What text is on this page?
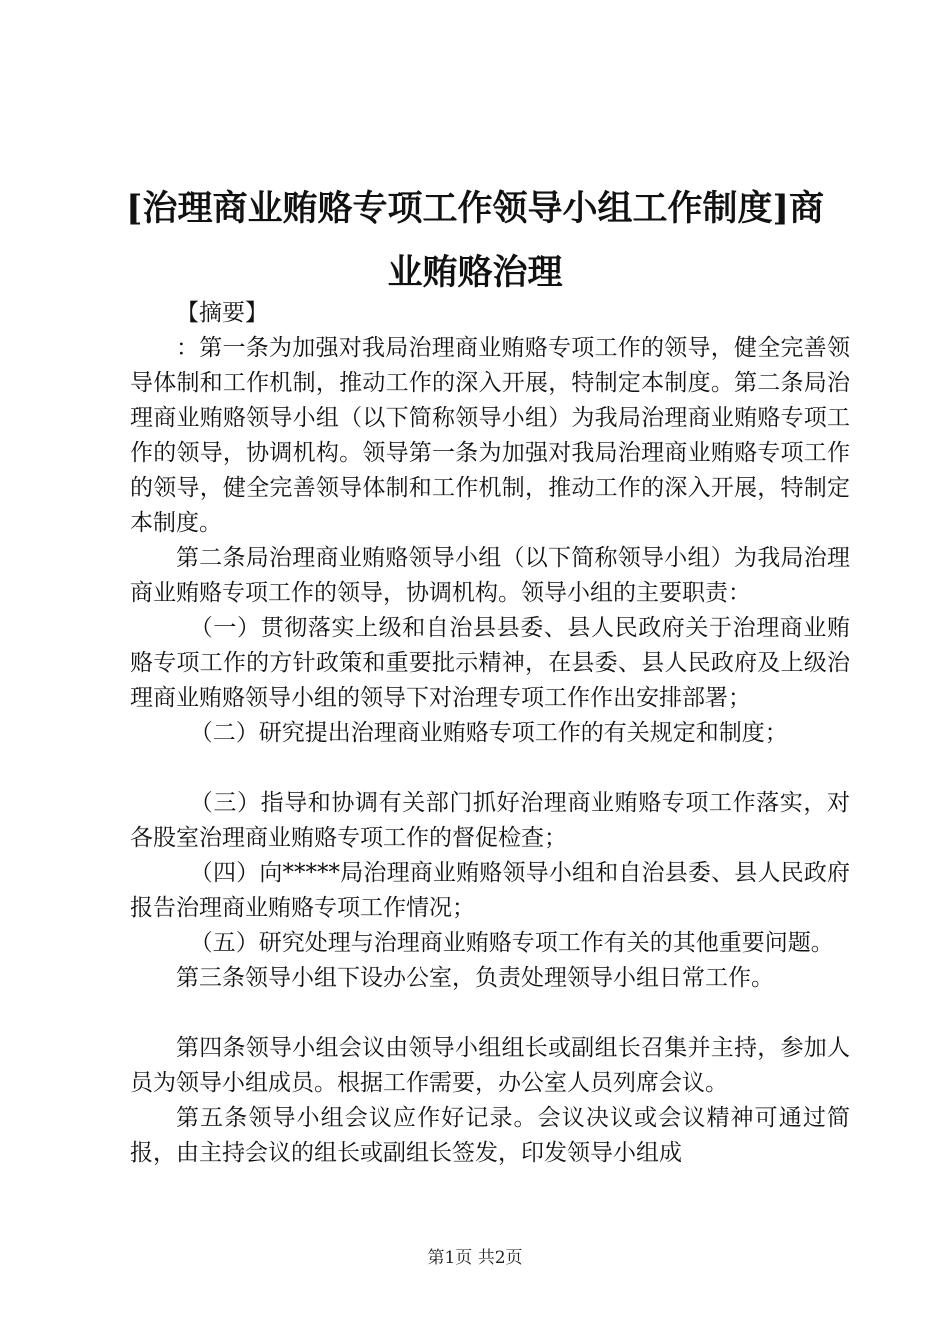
[治理商业贿赂专项工作领导小组工作制度]商业贿赂治理

【摘要】

：第一条为加强对我局治理商业贿赂专项工作的领导，健全完善领导体制和工作机制，推动工作的深入开展，特制定本制度。第二条局治理商业贿赂领导小组（以下简称领导小组）为我局治理商业贿赂专项工作的领导，协调机构。领导第一条为加强对我局治理商业贿赂专项工作的领导，健全完善领导体制和工作机制，推动工作的深入开展，特制定本制度。

第二条局治理商业贿赂领导小组（以下简称领导小组）为我局治理商业贿赂专项工作的领导，协调机构。领导小组的主要职责：

（一）贯彻落实上级和自治县县委、县人民政府关于治理商业贿赂专项工作的方针政策和重要批示精神，在县委、县人民政府及上级治理商业贿赂领导小组的领导下对治理专项工作作出安排部署；

（二）研究提出治理商业贿赂专项工作的有关规定和制度；

（三）指导和协调有关部门抓好治理商业贿赂专项工作落实，对各股室治理商业贿赂专项工作的督促检查；

（四）向*****局治理商业贿赂领导小组和自治县委、县人民政府报告治理商业贿赂专项工作情况；

（五）研究处理与治理商业贿赂专项工作有关的其他重要问题。

第三条领导小组下设办公室，负责处理领导小组日常工作。

第四条领导小组会议由领导小组组长或副组长召集并主持，参加人员为领导小组成员。根据工作需要，办公室人员列席会议。

第五条领导小组会议应作好记录。会议决议或会议精神可通过简报，由主持会议的组长或副组长签发，印发领导小组成

第1页 共2页
